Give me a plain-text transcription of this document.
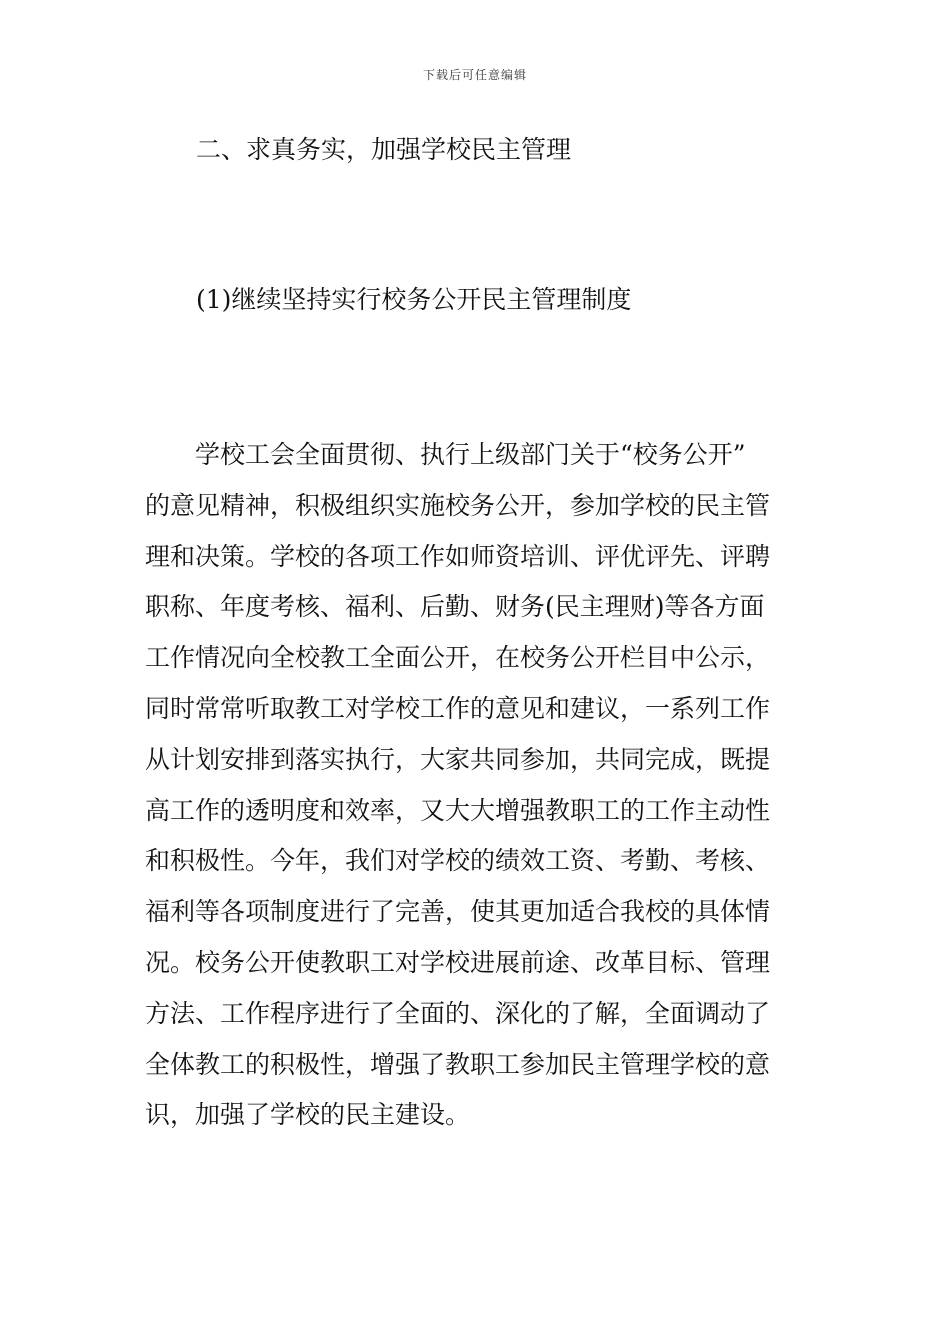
下载后可任意编辑
二、求真务实，加强学校民主管理
(1)继续坚持实行校务公开民主管理制度
　　学校工会全面贯彻、执行上级部门关于“校务公开”
的意见精神，积极组织实施校务公开，参加学校的民主管
理和决策。学校的各项工作如师资培训、评优评先、评聘
职称、年度考核、福利、后勤、财务(民主理财)等各方面
工作情况向全校教工全面公开，在校务公开栏目中公示，
同时常常听取教工对学校工作的意见和建议，一系列工作
从计划安排到落实执行，大家共同参加，共同完成，既提
高工作的透明度和效率，又大大增强教职工的工作主动性
和积极性。今年，我们对学校的绩效工资、考勤、考核、
福利等各项制度进行了完善，使其更加适合我校的具体情
况。校务公开使教职工对学校进展前途、改革目标、管理
方法、工作程序进行了全面的、深化的了解，全面调动了
全体教工的积极性，增强了教职工参加民主管理学校的意
识，加强了学校的民主建设。
